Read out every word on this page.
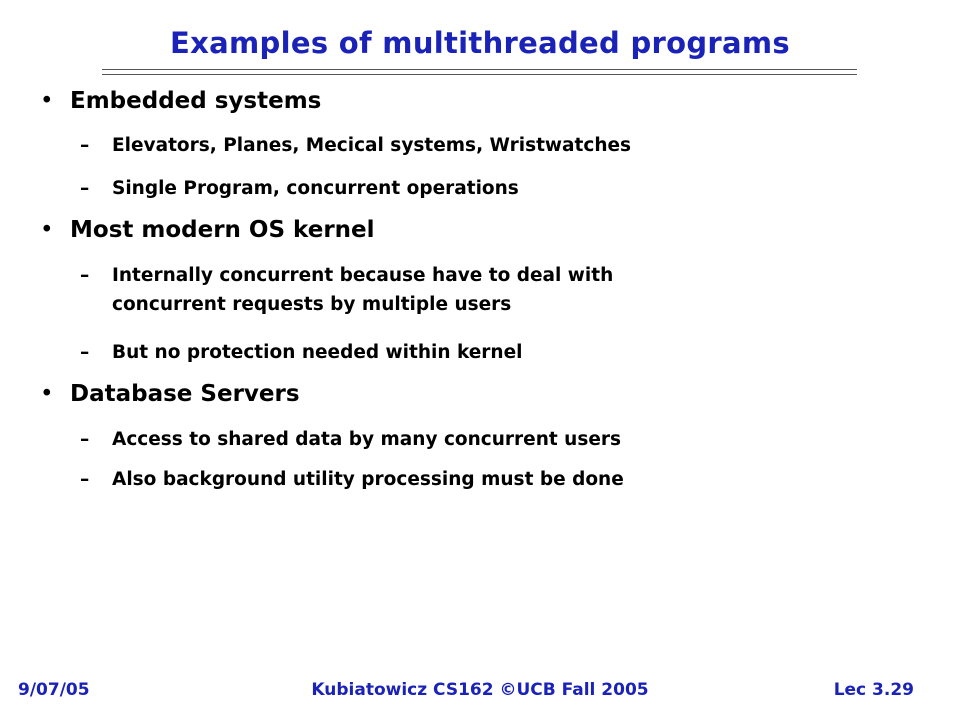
Examples of multithreaded programs
• Embedded systems
– Elevators, Planes, Mecical systems, Wristwatches
– Single Program, concurrent operations
• Most modern OS kernel
– Internally concurrent because have to deal with
concurrent requests by multiple users
– But no protection needed within kernel
• Database Servers
– Access to shared data by many concurrent users
– Also background utility processing must be done
9/07/05	Kubiatowicz CS162 ©UCB Fall 2005	Lec 3.29
